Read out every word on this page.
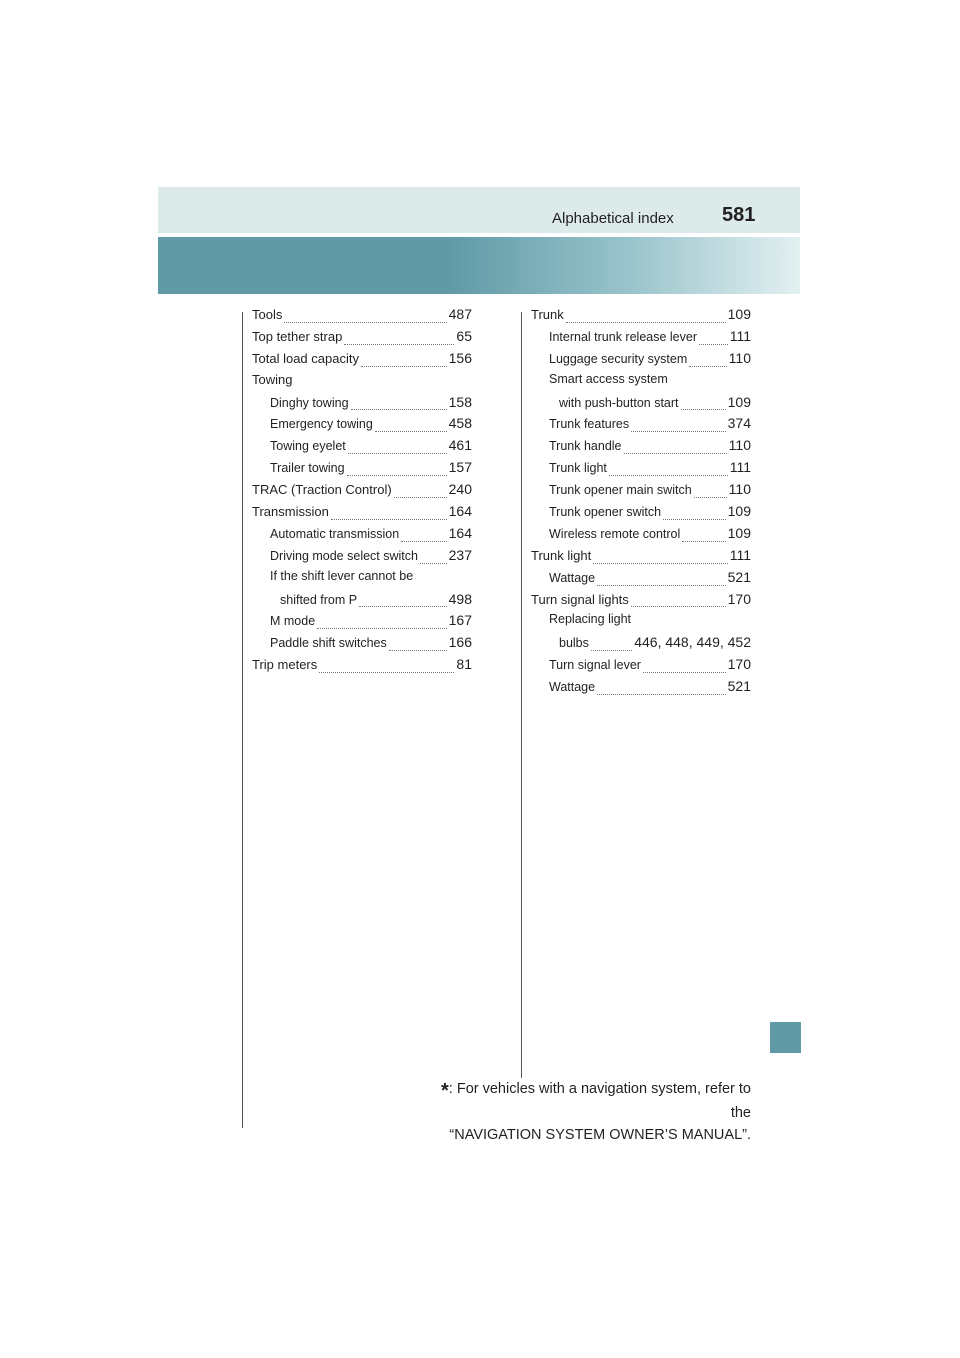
Alphabetical index 581
Tools	487
Top tether strap	65
Total load capacity	156
Towing
Dinghy towing	158
Emergency towing	458
Towing eyelet	461
Trailer towing	157
TRAC (Traction Control)	240
Transmission	164
Automatic transmission	164
Driving mode select switch 237
If the shift lever cannot be
shifted from P	498
M mode	167
Paddle shift switches	166
Trip meters	81
Trunk	109
Internal trunk release lever 111
Luggage security system	110
Smart access system
with push-button start	109
Trunk features	374
Trunk handle	110
Trunk light	111
Trunk opener main switch	110
Trunk opener switch	109
Wireless remote control	109
Trunk light	111
Wattage	521
Turn signal lights	170
Replacing light
bulbs	446, 448, 449, 452
Turn signal lever	170
Wattage	521
*: For vehicles with a navigation system, refer to the
“NAVIGATION SYSTEM OWNER’S MANUAL”.
